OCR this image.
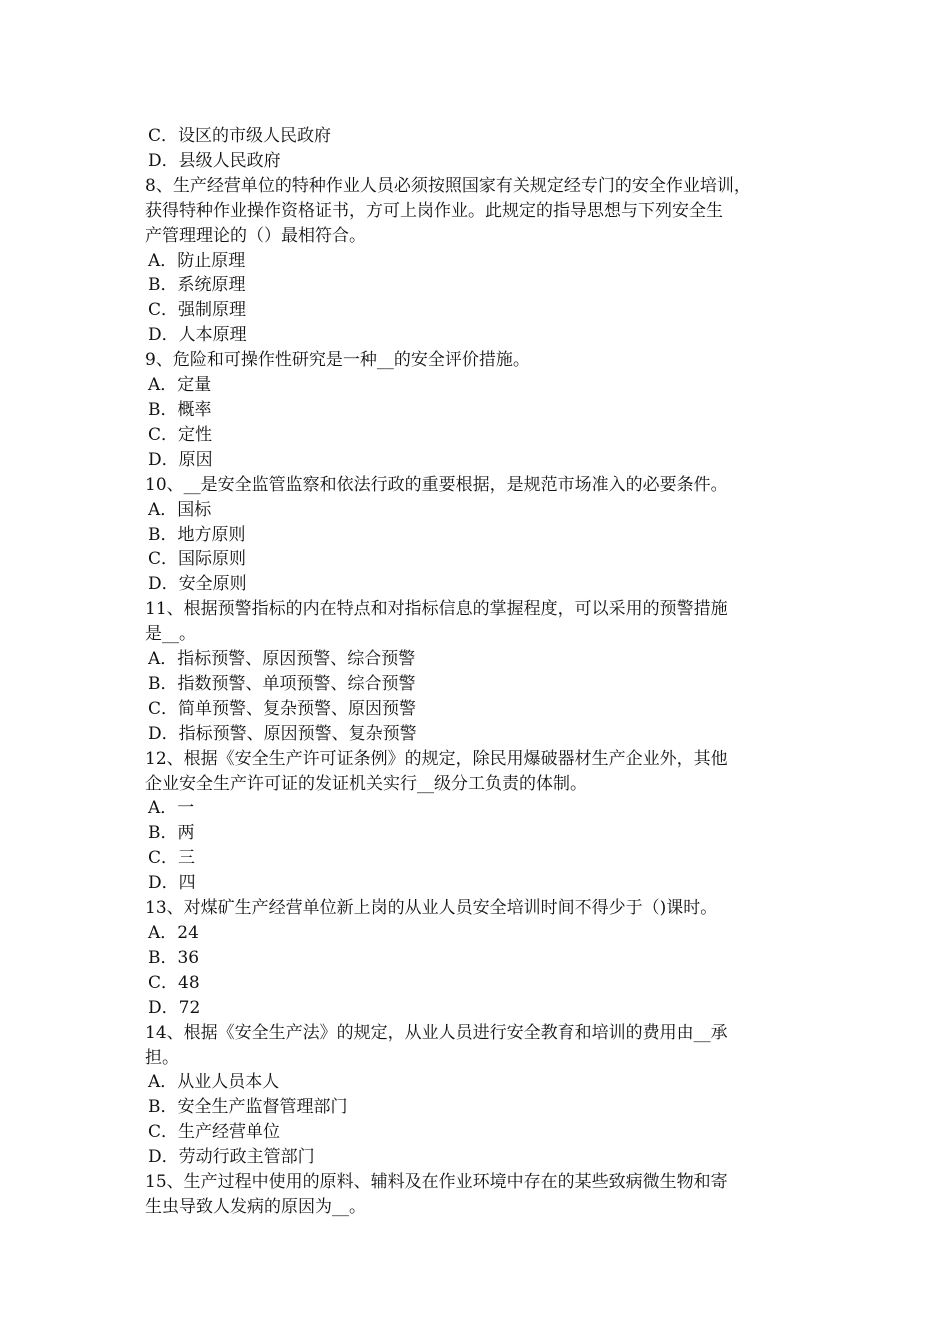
C．设区的市级人民政府
D．县级人民政府
8、生产经营单位的特种作业人员必须按照国家有关规定经专门的安全作业培训，
获得特种作业操作资格证书，方可上岗作业。此规定的指导思想与下列安全生
产管理理论的（）最相符合。
A．防止原理
B．系统原理
C．强制原理
D．人本原理
9、危险和可操作性研究是一种__的安全评价措施。
A．定量
B．概率
C．定性
D．原因
10、__是安全监管监察和依法行政的重要根据，是规范市场准入的必要条件。
A．国标
B．地方原则
C．国际原则
D．安全原则
11、根据预警指标的内在特点和对指标信息的掌握程度，可以采用的预警措施
是__。
A．指标预警、原因预警、综合预警
B．指数预警、单项预警、综合预警
C．简单预警、复杂预警、原因预警
D．指标预警、原因预警、复杂预警
12、根据《安全生产许可证条例》的规定，除民用爆破器材生产企业外，其他
企业安全生产许可证的发证机关实行__级分工负责的体制。
A．一
B．两
C．三
D．四
13、对煤矿生产经营单位新上岗的从业人员安全培训时间不得少于（)课时。
A．24
B．36
C．48
D．72
14、根据《安全生产法》的规定，从业人员进行安全教育和培训的费用由__承
担。
A．从业人员本人
B．安全生产监督管理部门
C．生产经营单位
D．劳动行政主管部门
15、生产过程中使用的原料、辅料及在作业环境中存在的某些致病微生物和寄
生虫导致人发病的原因为__。
